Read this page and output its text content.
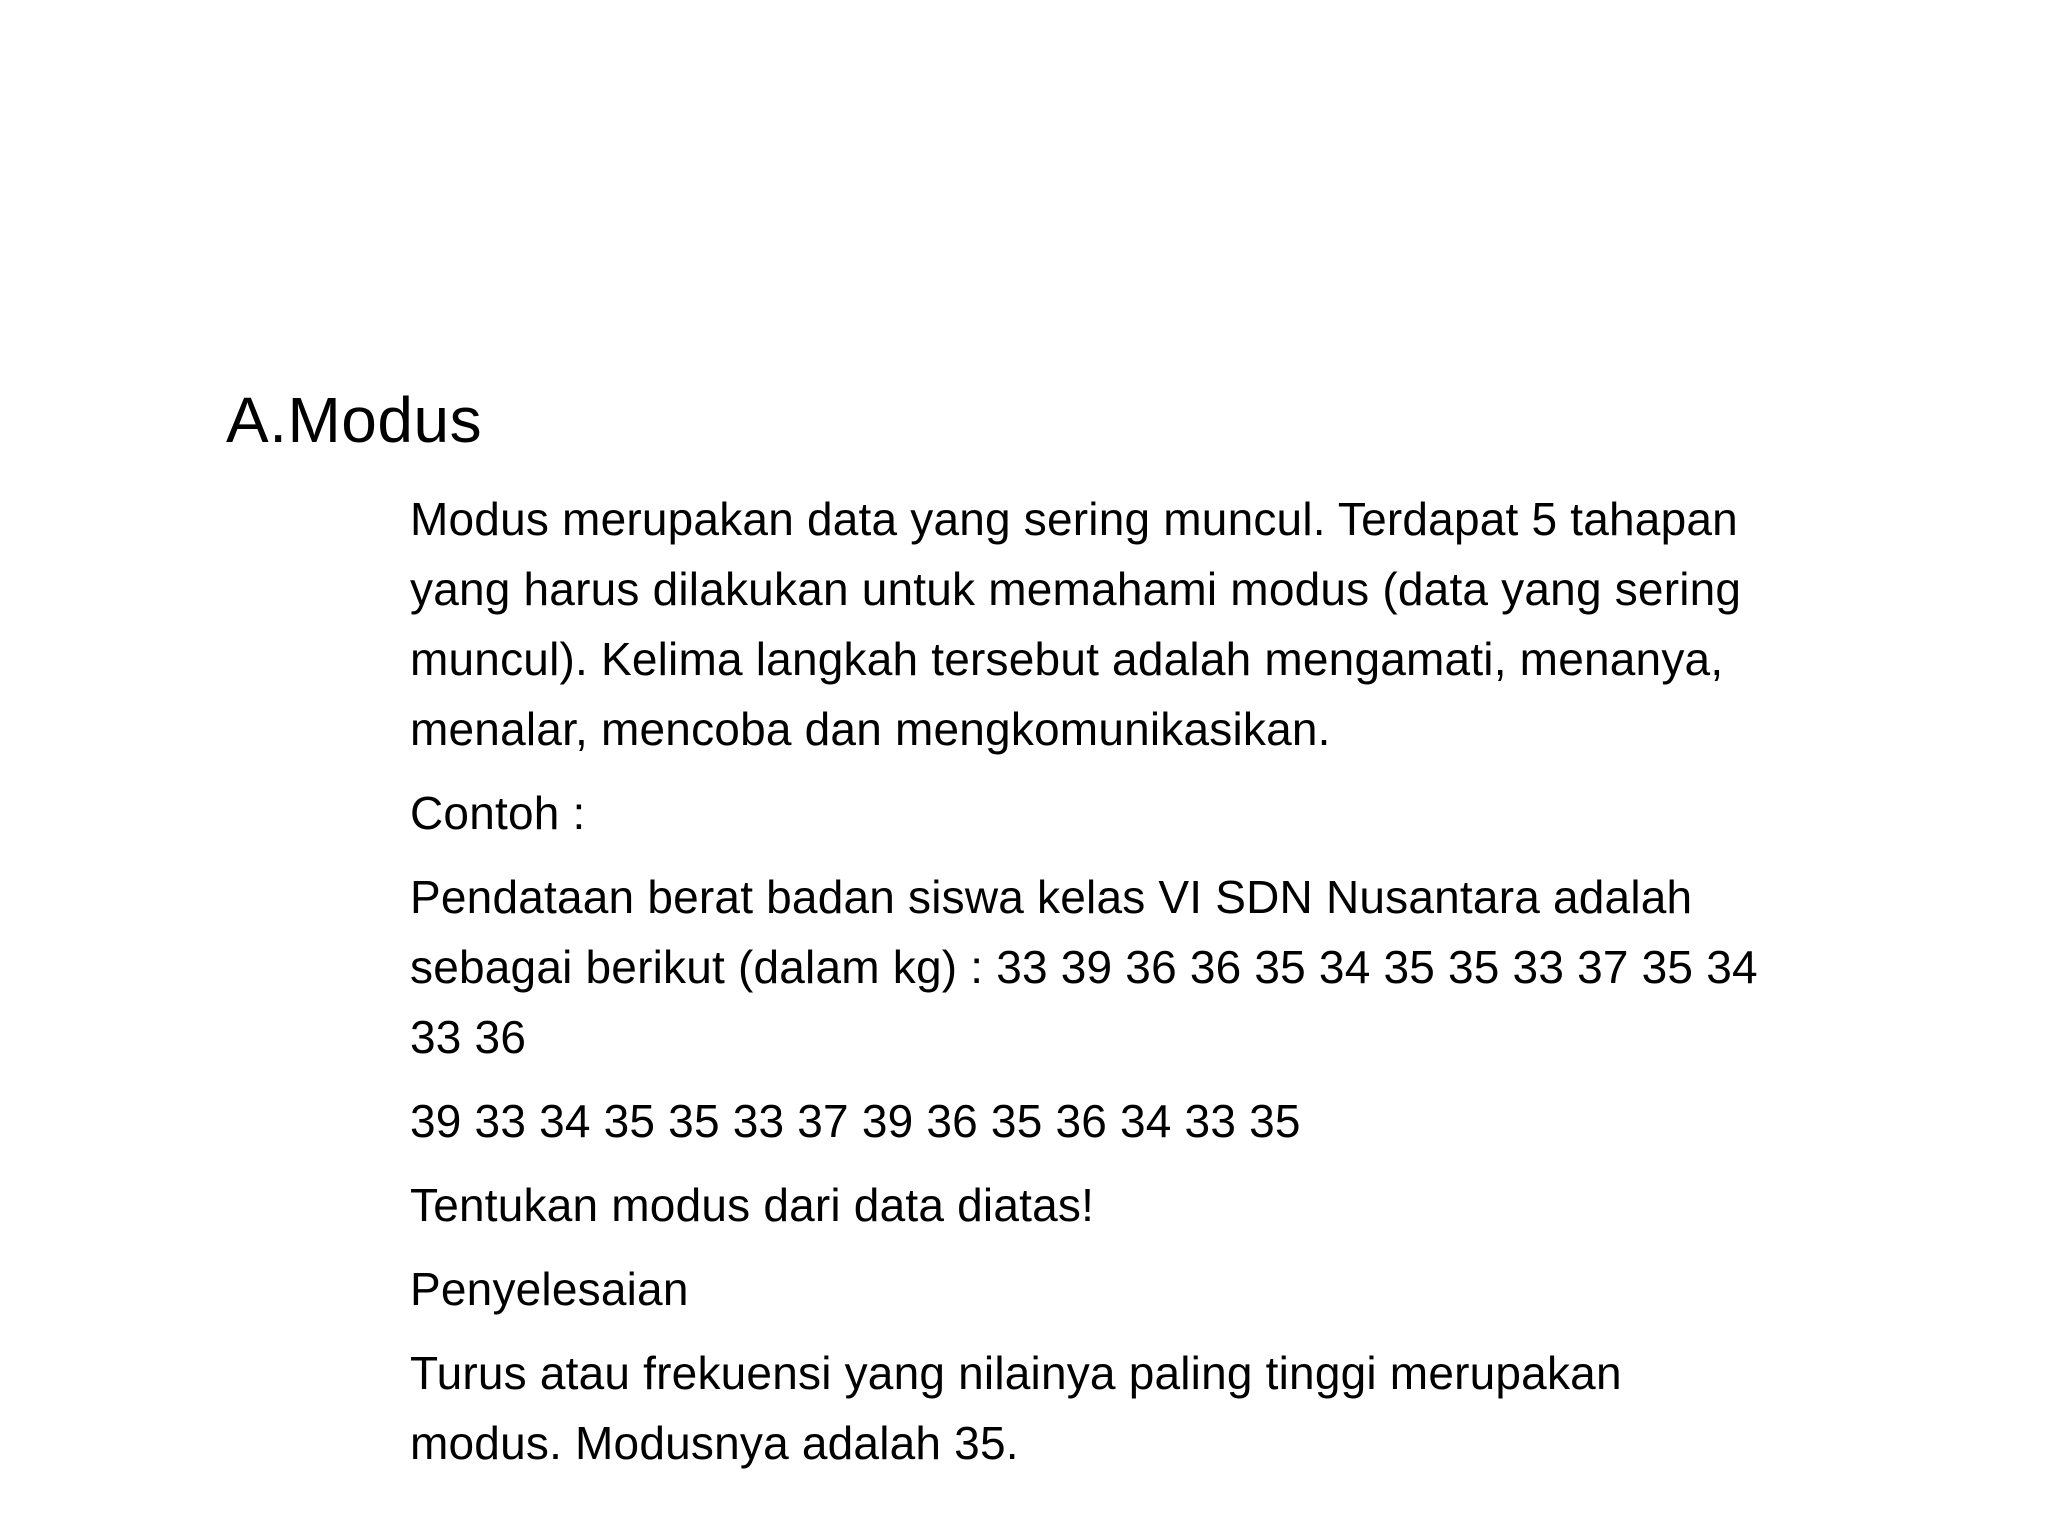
A.Modus
Modus merupakan data yang sering muncul. Terdapat 5 tahapan
yang harus dilakukan untuk memahami modus (data yang sering
muncul). Kelima langkah tersebut adalah mengamati, menanya,
menalar, mencoba dan mengkomunikasikan.
Contoh :
Pendataan berat badan siswa kelas VI SDN Nusantara adalah
sebagai berikut (dalam kg) : 33 39 36 36 35 34 35 35 33 37 35 34
33 36
39 33 34 35 35 33 37 39 36 35 36 34 33 35
Tentukan modus dari data diatas!
Penyelesaian
Turus atau frekuensi yang nilainya paling tinggi merupakan
modus. Modusnya adalah 35.
